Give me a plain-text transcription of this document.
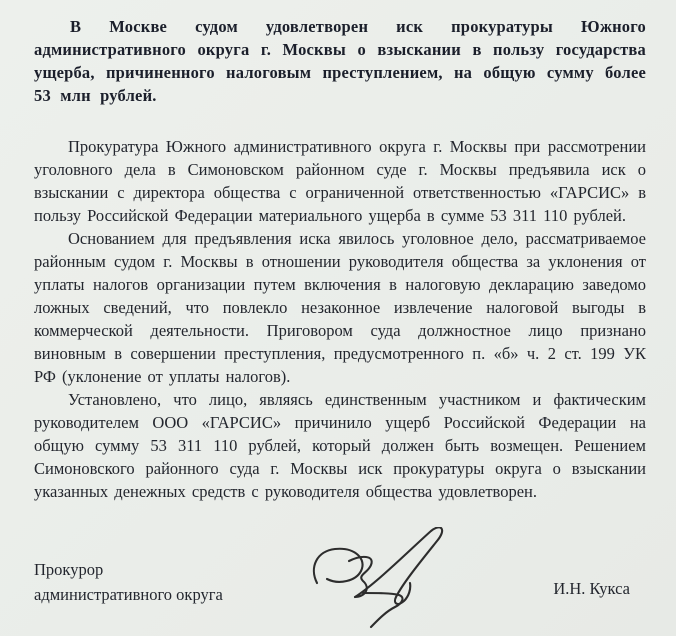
В Москве судом удовлетворен иск прокуратуры Южного административного округа г. Москвы о взыскании в пользу государства ущерба, причиненного налоговым преступлением, на общую сумму более 53 млн рублей.

Прокуратура Южного административного округа г. Москвы при рассмотрении уголовного дела в Симоновском районном суде г. Москвы предъявила иск о взыскании с директора общества с ограниченной ответственностью «ГАРСИС» в пользу Российской Федерации материального ущерба в сумме 53 311 110 рублей.

Основанием для предъявления иска явилось уголовное дело, рассматриваемое районным судом г. Москвы в отношении руководителя общества за уклонения от уплаты налогов организации путем включения в налоговую декларацию заведомо ложных сведений, что повлекло незаконное извлечение налоговой выгоды в коммерческой деятельности. Приговором суда должностное лицо признано виновным в совершении преступления, предусмотренного п. «б» ч. 2 ст. 199 УК РФ (уклонение от уплаты налогов).

Установлено, что лицо, являясь единственным участником и фактическим руководителем ООО «ГАРСИС» причинило ущерб Российской Федерации на общую сумму 53 311 110 рублей, который должен быть возмещен. Решением Симоновского районного суда г. Москвы иск прокуратуры округа о взыскании указанных денежных средств с руководителя общества удовлетворен.

Прокурор
административного округа	И.Н. Кукса
